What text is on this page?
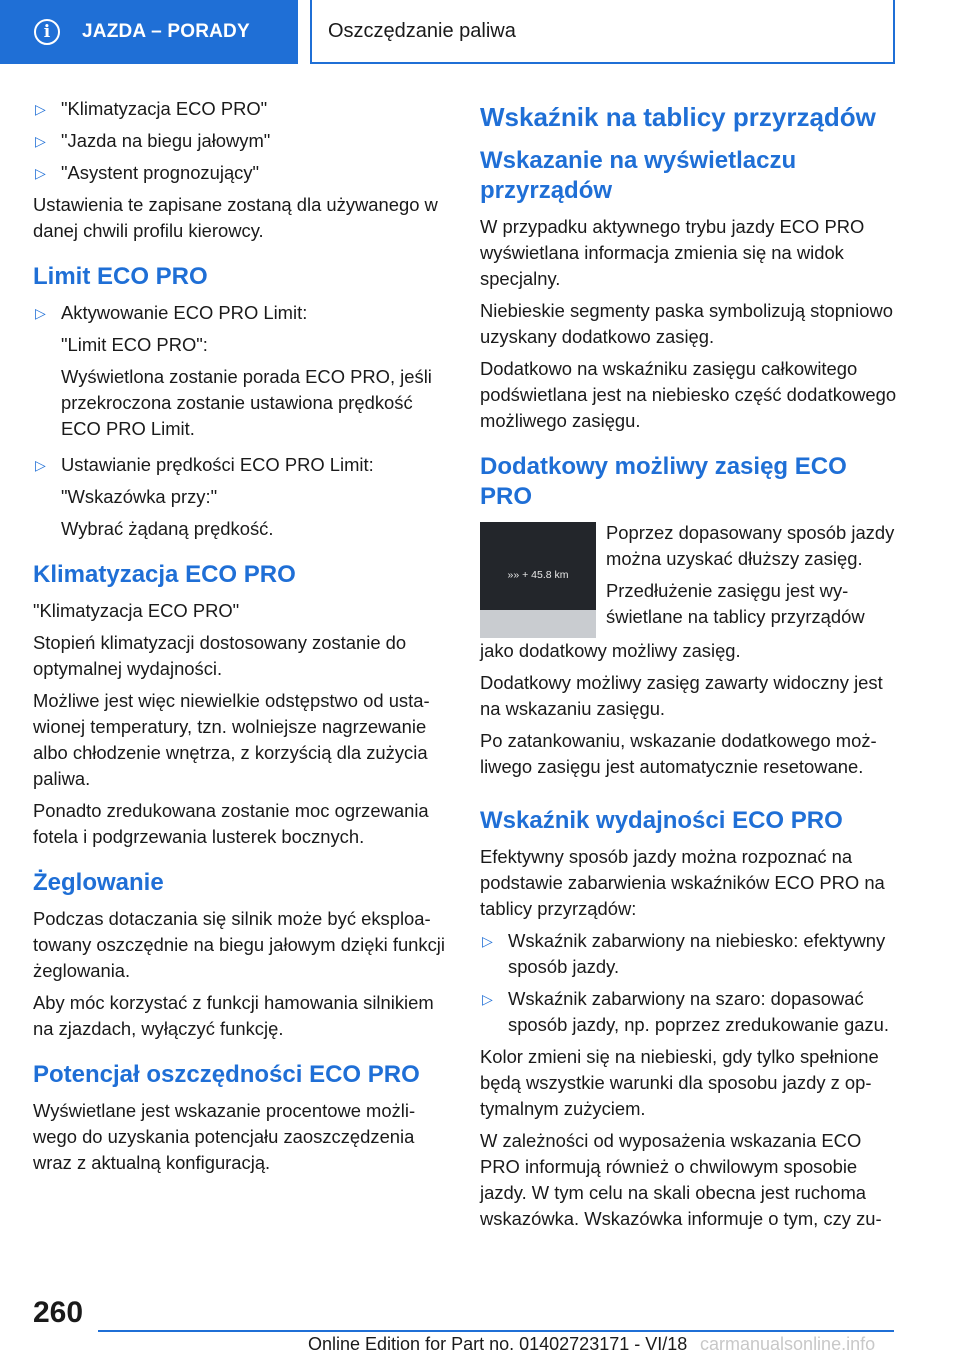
i	JAZDA – PORADY	Oszczędzanie paliwa
▷ "Klimatyzacja ECO PRO"
▷ "Jazda na biegu jałowym"
▷ "Asystent prognozujący"

Ustawienia te zapisane zostaną dla używanego w danej chwili profilu kierowcy.

Limit ECO PRO
▷ Aktywowanie ECO PRO Limit:
"Limit ECO PRO":
Wyświetlona zostanie porada ECO PRO, jeśli przekroczona zostanie ustawiona prędkość ECO PRO Limit.
▷ Ustawianie prędkości ECO PRO Limit:
"Wskazówka przy:"
Wybrać żądaną prędkość.
Klimatyzacja ECO PRO

"Klimatyzacja ECO PRO"

Stopień klimatyzacji dostosowany zostanie do optymalnej wydajności.

Możliwe jest więc niewielkie odstępstwo od ustawionej temperatury, tzn. wolniejsze nagrzewanie albo chłodzenie wnętrza, z korzyścią dla zużycia paliwa.

Ponadto zredukowana zostanie moc ogrzewania fotela i podgrzewania lusterek bocznych.

Żeglowanie

Podczas dotaczania się silnik może być eksploatowany oszczędnie na biegu jałowym dzięki funkcji żeglowania.

Aby móc korzystać z funkcji hamowania silnikiem na zjazdach, wyłączyć funkcję.

Potencjał oszczędności ECO PRO

Wyświetlane jest wskazanie procentowe możliwego do uzyskania potencjału zaoszczędzenia wraz z aktualną konfiguracją.

Wskaźnik na tablicy przyrządów
Wskazanie na wyświetlaczu przyrządów

W przypadku aktywnego trybu jazdy ECO PRO wyświetlana informacja zmienia się na widok specjalny.

Niebieskie segmenty paska symbolizują stopniowo uzyskany dodatkowo zasięg.

Dodatkowo na wskaźniku zasięgu całkowitego podświetlana jest na niebiesko część dodatkowego możliwego zasięgu.

Dodatkowy możliwy zasięg ECO PRO
»» + 45.8 km

Poprzez dopasowany sposób jazdy można uzyskać dłuższy zasięg.

Przedłużenie zasięgu jest wyświetlane na tablicy przyrządów

jako dodatkowy możliwy zasięg.

Dodatkowy możliwy zasięg zawarty widoczny jest na wskazaniu zasięgu.

Po zatankowaniu, wskazanie dodatkowego możliwego zasięgu jest automatycznie resetowane.

Wskaźnik wydajności ECO PRO

Efektywny sposób jazdy można rozpoznać na podstawie zabarwienia wskaźników ECO PRO na tablicy przyrządów:

▷ Wskaźnik zabarwiony na niebiesko: efektywny sposób jazdy.
▷ Wskaźnik zabarwiony na szaro: dopasować sposób jazdy, np. poprzez zredukowanie gazu.

Kolor zmieni się na niebieski, gdy tylko spełnione będą wszystkie warunki dla sposobu jazdy z optymalnym zużyciem.

W zależności od wyposażenia wskazania ECO PRO informują również o chwilowym sposobie jazdy. W tym celu na skali obecna jest ruchoma wskazówka. Wskazówka informuje o tym, czy zu-

260
Online Edition for Part no. 01402723171 - VI/18 carmanualsonline.info
